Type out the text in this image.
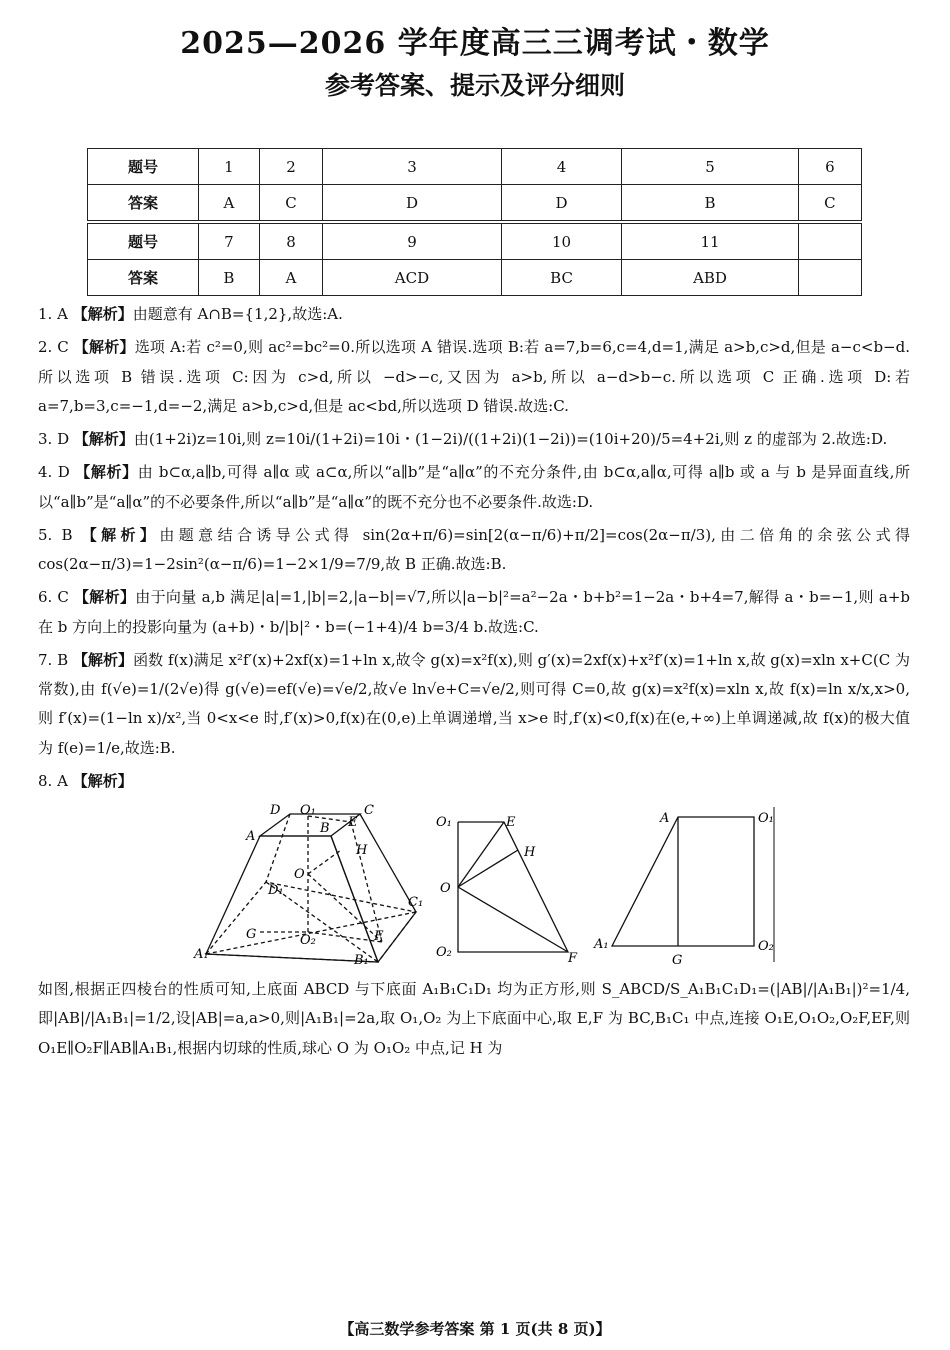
2025—2026 学年度高三三调考试・数学
参考答案、提示及评分细则
题号	1	2	3	4	5	6
答案	A	C	D	D	B	C
题号	7	8	9	10	11	
答案	B	A	ACD	BC	ABD	
1. A 【解析】由题意有 A∩B={1,2},故选:A.
2. C 【解析】选项 A:若 c²=0,则 ac²=bc²=0.所以选项 A 错误.选项 B:若 a=7,b=6,c=4,d=1,满足 a>b,c>d,但是 a−c<b−d.所以选项 B 错误.选项 C:因为 c>d,所以 −d>−c,又因为 a>b,所以 a−d>b−c.所以选项 C 正确.选项 D:若 a=7,b=3,c=−1,d=−2,满足 a>b,c>d,但是 ac<bd,所以选项 D 错误.故选:C.
3. D 【解析】由(1+2i)z=10i,则 z=10i/(1+2i)=10i・(1−2i)/((1+2i)(1−2i))=(10i+20)/5=4+2i,则 z 的虚部为 2.故选:D.
4. D 【解析】由 b⊂α,a∥b,可得 a∥α 或 a⊂α,所以“a∥b”是“a∥α”的不充分条件,由 b⊂α,a∥α,可得 a∥b 或 a 与 b 是异面直线,所以“a∥b”是“a∥α”的不必要条件,所以“a∥b”是“a∥α”的既不充分也不必要条件.故选:D.
5. B 【解析】由题意结合诱导公式得 sin(2α+π/6)=sin[2(α−π/6)+π/2]=cos(2α−π/3),由二倍角的余弦公式得 cos(2α−π/3)=1−2sin²(α−π/6)=1−2×1/9=7/9,故 B 正确.故选:B.
6. C 【解析】由于向量 a,b 满足|a|=1,|b|=2,|a−b|=√7,所以|a−b|²=a²−2a・b+b²=1−2a・b+4=7,解得 a・b=−1,则 a+b 在 b 方向上的投影向量为 (a+b)・b/|b|²・b=(−1+4)/4 b=3/4 b.故选:C.
7. B 【解析】函数 f(x)满足 x²f′(x)+2xf(x)=1+ln x,故令 g(x)=x²f(x),则 g′(x)=2xf(x)+x²f′(x)=1+ln x,故 g(x)=xln x+C(C 为常数),由 f(√e)=1/(2√e)得 g(√e)=ef(√e)=√e/2,故√e ln√e+C=√e/2,则可得 C=0,故 g(x)=x²f(x)=xln x,故 f(x)=ln x/x,x>0,则 f′(x)=(1−ln x)/x²,当 0<x<e 时,f′(x)>0,f(x)在(0,e)上单调递增,当 x>e 时,f′(x)<0,f(x)在(e,+∞)上单调递减,故 f(x)的极大值为 f(e)=1/e,故选:B.
8. A 【解析】
D O₁	C
A
B E
H
O
D₁
C₁
G	O₂	F
A₁	B₁
O₁	E
H
O
O₂	F
A	O₁
A₁
G
O₂
如图,根据正四棱台的性质可知,上底面 ABCD 与下底面 A₁B₁C₁D₁ 均为正方形,则 S_ABCD/S_A₁B₁C₁D₁=(|AB|/|A₁B₁|)²=1/4,即|AB|/|A₁B₁|=1/2,设|AB|=a,a>0,则|A₁B₁|=2a,取 O₁,O₂ 为上下底面中心,取 E,F 为 BC,B₁C₁ 中点,连接 O₁E,O₁O₂,O₂F,EF,则 O₁E∥O₂F∥AB∥A₁B₁,根据内切球的性质,球心 O 为 O₁O₂ 中点,记 H 为
【高三数学参考答案 第 1 页(共 8 页)】
